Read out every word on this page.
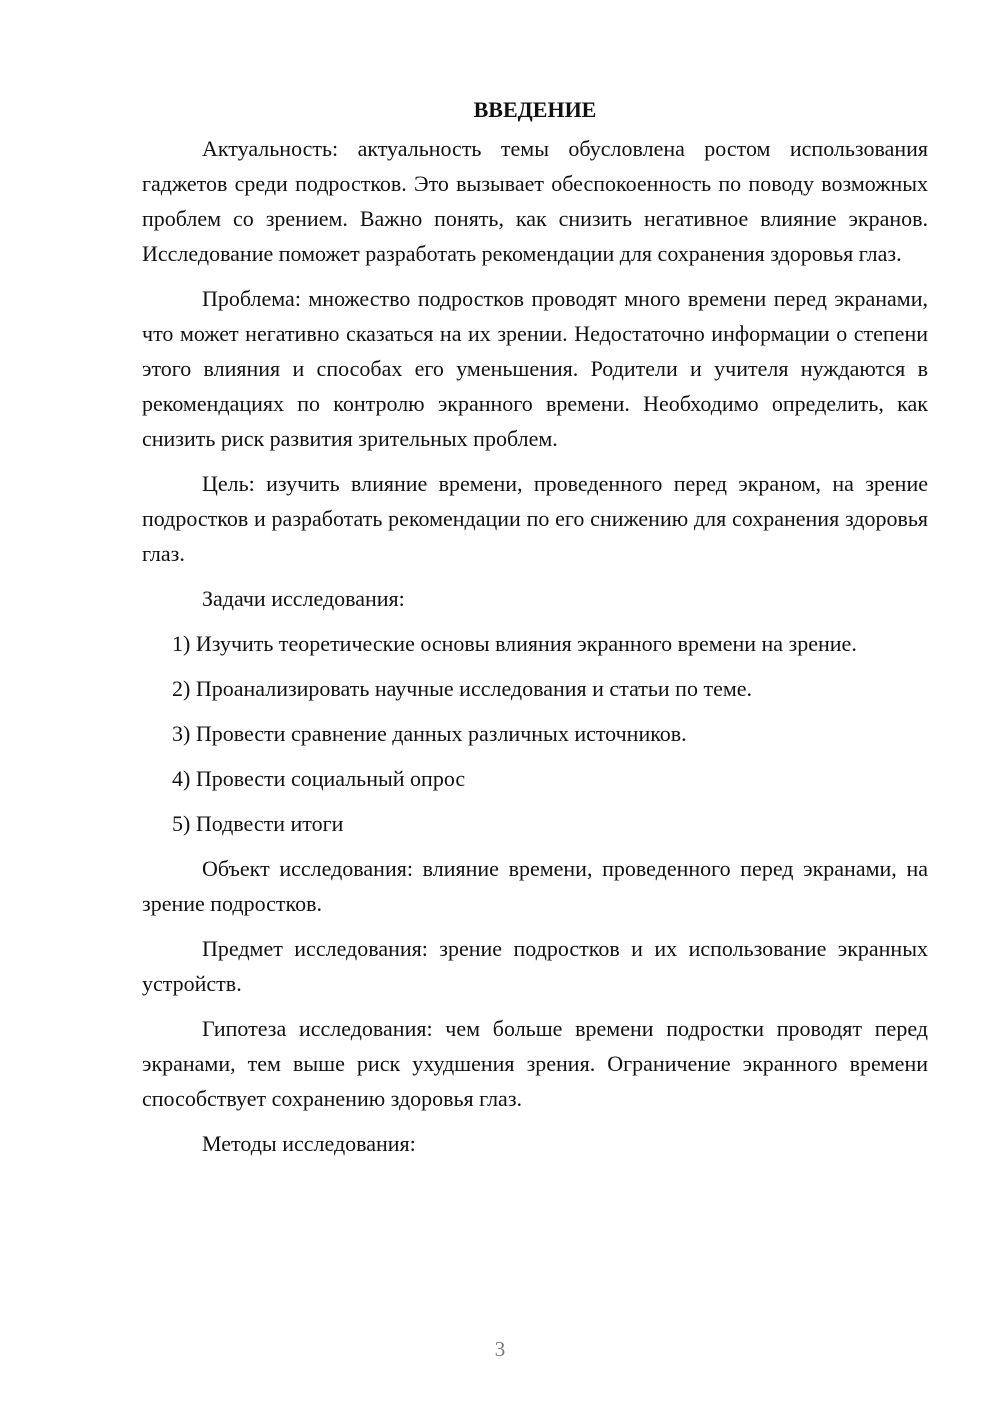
ВВЕДЕНИЕ

Актуальность: актуальность темы обусловлена ростом использования гаджетов среди подростков. Это вызывает обеспокоенность по поводу возможных проблем со зрением. Важно понять, как снизить негативное влияние экранов. Исследование поможет разработать рекомендации для сохранения здоровья глаз.

Проблема: множество подростков проводят много времени перед экранами, что может негативно сказаться на их зрении. Недостаточно информации о степени этого влияния и способах его уменьшения. Родители и учителя нуждаются в рекомендациях по контролю экранного времени. Необходимо определить, как снизить риск развития зрительных проблем.

Цель: изучить влияние времени, проведенного перед экраном, на зрение подростков и разработать рекомендации по его снижению для сохранения здоровья глаз.

Задачи исследования:

1) Изучить теоретические основы влияния экранного времени на зрение.

2) Проанализировать научные исследования и статьи по теме.

3) Провести сравнение данных различных источников.

4) Провести социальный опрос

5) Подвести итоги

Объект исследования: влияние времени, проведенного перед экранами, на зрение подростков.

Предмет исследования: зрение подростков и их использование экранных устройств.

Гипотеза исследования: чем больше времени подростки проводят перед экранами, тем выше риск ухудшения зрения. Ограничение экранного времени способствует сохранению здоровья глаз.

Методы исследования:

3
